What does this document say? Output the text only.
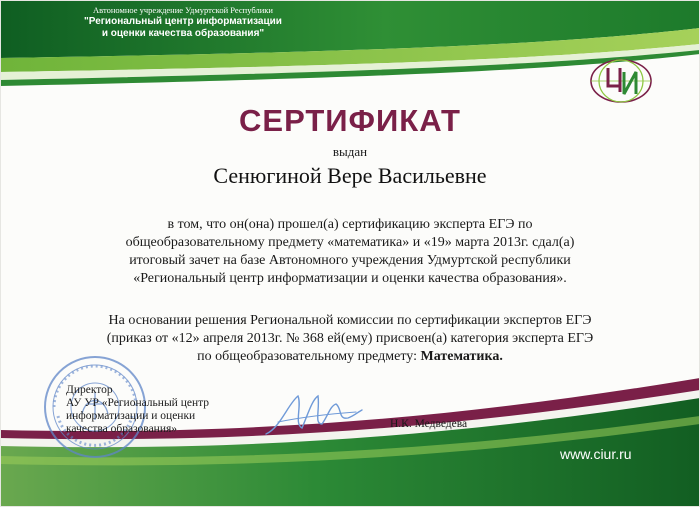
Автономное учреждение Удмуртской Республики
"Региональный центр информатизации
и оценки качества образования"
СЕРТИФИКАТ
выдан
Сенюгиной Вере Васильевне
в том, что он(она) прошел(а) сертификацию эксперта ЕГЭ по
общеобразовательному предмету «математика» и «19» марта 2013г. сдал(а)
итоговый зачет на базе Автономного учреждения Удмуртской республики
«Региональный центр информатизации и оценки качества образования».
На основании решения Региональной комиссии по сертификации экспертов ЕГЭ
(приказ от «12» апреля 2013г. № 368 ей(ему) присвоен(а) категория эксперта ЕГЭ
по общеобразовательному предмету: Математика.
Директор
АУ УР «Региональный центр
информатизации и оценки
качества образования»	Н.К. Медведева
www.ciur.ru
